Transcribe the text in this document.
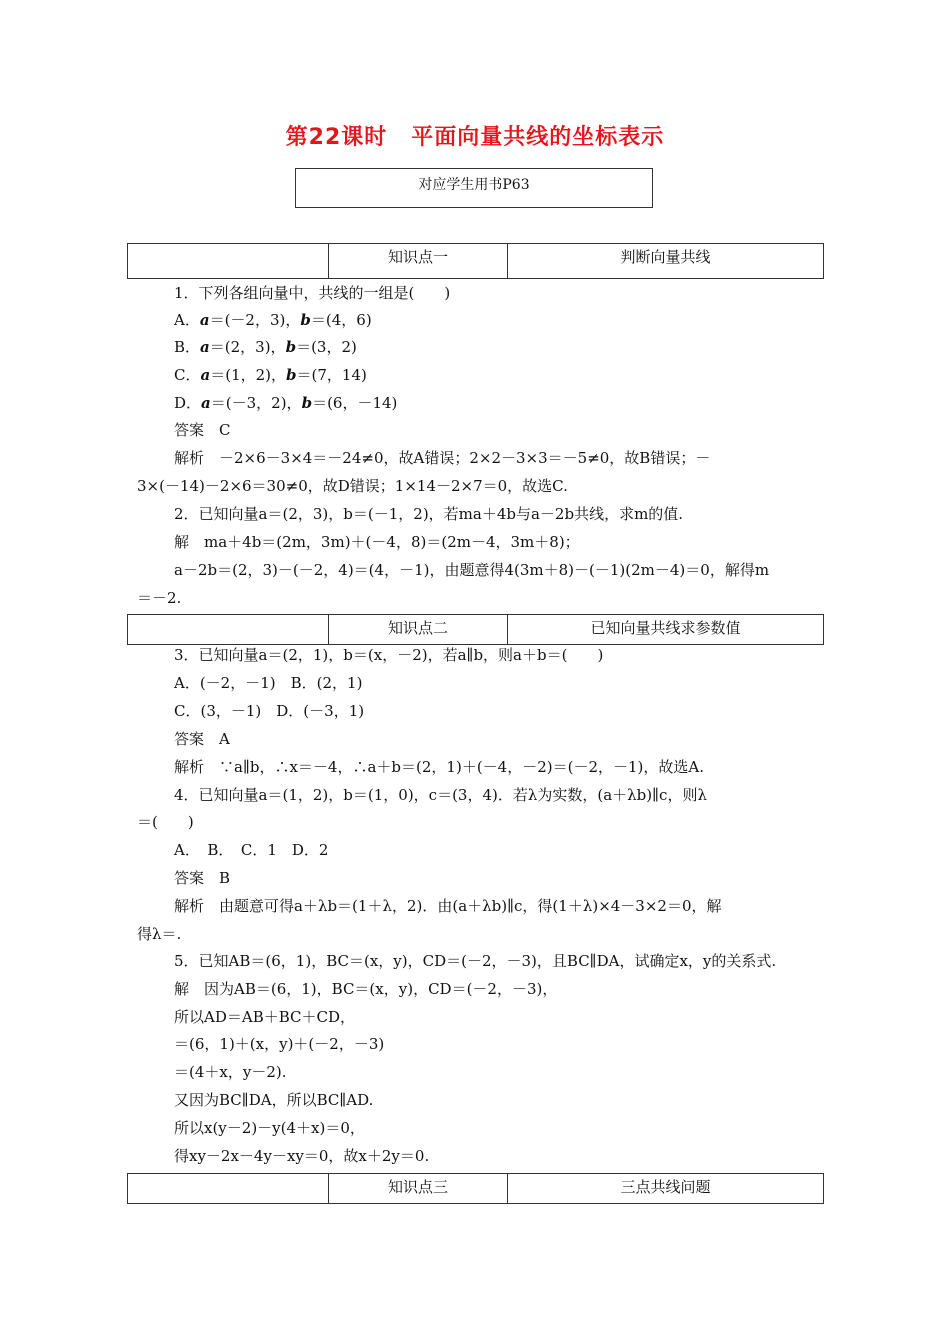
第22课时 平面向量共线的坐标表示
对应学生用书P63
知识点一	判断向量共线
1．下列各组向量中，共线的一组是(　　)
A．a＝(－2，3)，b＝(4，6)
B．a＝(2，3)，b＝(3，2)
C．a＝(1，2)，b＝(7，14)
D．a＝(－3，2)，b＝(6，－14)
答案　C
解析　－2×6－3×4＝－24≠0，故A错误；2×2－3×3＝－5≠0，故B错误；－
3×(－14)－2×6＝30≠0，故D错误；1×14－2×7＝0，故选C.
2．已知向量a＝(2，3)，b＝(－1，2)，若ma＋4b与a－2b共线，求m的值.
解　ma＋4b＝(2m，3m)＋(－4，8)＝(2m－4，3m＋8)；
a－2b＝(2，3)－(－2，4)＝(4，－1)，由题意得4(3m＋8)－(－1)(2m－4)＝0，解得m
＝－2.
知识点二	已知向量共线求参数值
3．已知向量a＝(2，1)，b＝(x，－2)，若a∥b，则a＋b＝(　　)
A．(－2，－1)　B．(2，1)
C．(3，－1)　D．(－3，1)
答案　A
解析　∵a∥b，∴x＝－4，∴a＋b＝(2，1)＋(－4，－2)＝(－2，－1)，故选A.
4．已知向量a＝(1，2)，b＝(1，0)，c＝(3，4)．若λ为实数，(a＋λb)∥c，则λ
＝(　　)
A．　B．　C．1　D．2
答案　B
解析　由题意可得a＋λb＝(1＋λ，2)．由(a＋λb)∥c，得(1＋λ)×4－3×2＝0，解
得λ＝.
5．已知AB＝(6，1)，BC＝(x，y)，CD＝(－2，－3)，且BC∥DA，试确定x，y的关系式.
解　因为AB＝(6，1)，BC＝(x，y)，CD＝(－2，－3)，
所以AD＝AB＋BC＋CD，
＝(6，1)＋(x，y)＋(－2，－3)
＝(4＋x，y－2).
又因为BC∥DA，所以BC∥AD.
所以x(y－2)－y(4＋x)＝0，
得xy－2x－4y－xy＝0，故x＋2y＝0.
知识点三	三点共线问题
